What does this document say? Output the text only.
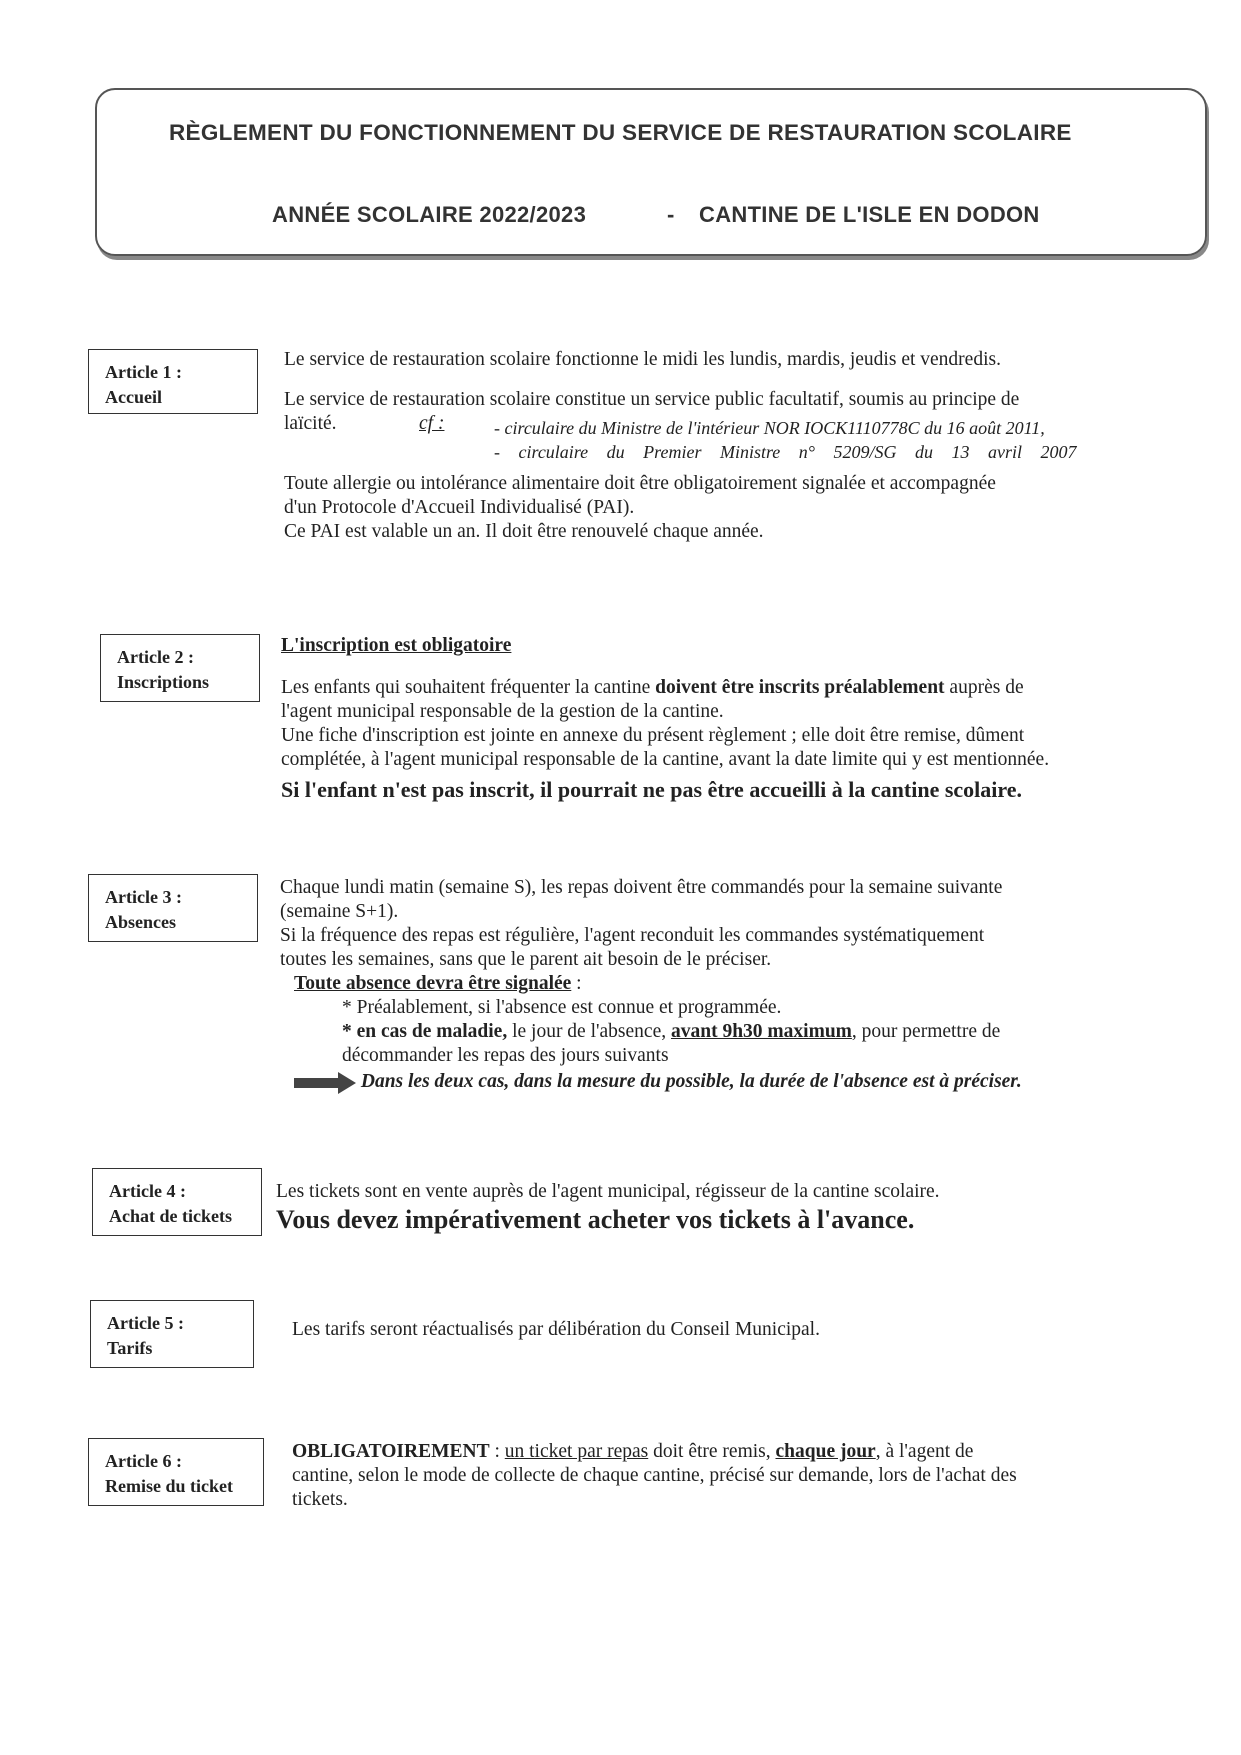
RÈGLEMENT DU FONCTIONNEMENT DU SERVICE DE RESTAURATION SCOLAIRE
ANNÉE SCOLAIRE 2022/2023	- CANTINE DE L'ISLE EN DODON
Article 1 :
Accueil

Le service de restauration scolaire fonctionne le midi les lundis, mardis, jeudis et vendredis.

Le service de restauration scolaire constitue un service public facultatif, soumis au principe de

laïcité.	cf :	- circulaire du Ministre de l'intérieur NOR IOCK1110778C du 16 août 2011,
- circulaire du Premier Ministre n° 5209/SG du 13 avril 2007

Toute allergie ou intolérance alimentaire doit être obligatoirement signalée et accompagnée

d'un Protocole d'Accueil Individualisé (PAI).

Ce PAI est valable un an. Il doit être renouvelé chaque année.

Article 2 :
Inscriptions

L'inscription est obligatoire

Les enfants qui souhaitent fréquenter la cantine doivent être inscrits préalablement auprès de

l'agent municipal responsable de la gestion de la cantine.

Une fiche d'inscription est jointe en annexe du présent règlement ; elle doit être remise, dûment

complétée, à l'agent municipal responsable de la cantine, avant la date limite qui y est mentionnée.

Si l'enfant n'est pas inscrit, il pourrait ne pas être accueilli à la cantine scolaire.

Article 3 :
Absences

Chaque lundi matin (semaine S), les repas doivent être commandés pour la semaine suivante

(semaine S+1).

Si la fréquence des repas est régulière, l'agent reconduit les commandes systématiquement

toutes les semaines, sans que le parent ait besoin de le préciser.

Toute absence devra être signalée :

* Préalablement, si l'absence est connue et programmée.

* en cas de maladie, le jour de l'absence, avant 9h30 maximum, pour permettre de

décommander les repas des jours suivants

Dans les deux cas, dans la mesure du possible, la durée de l'absence est à préciser.

Article 4 :
Achat de tickets

Les tickets sont en vente auprès de l'agent municipal, régisseur de la cantine scolaire.

Vous devez impérativement acheter vos tickets à l'avance.

Article 5 :
Tarifs

Les tarifs seront réactualisés par délibération du Conseil Municipal.

Article 6 :
Remise du ticket

OBLIGATOIREMENT : un ticket par repas doit être remis, chaque jour, à l'agent de

cantine, selon le mode de collecte de chaque cantine, précisé sur demande, lors de l'achat des

tickets.
